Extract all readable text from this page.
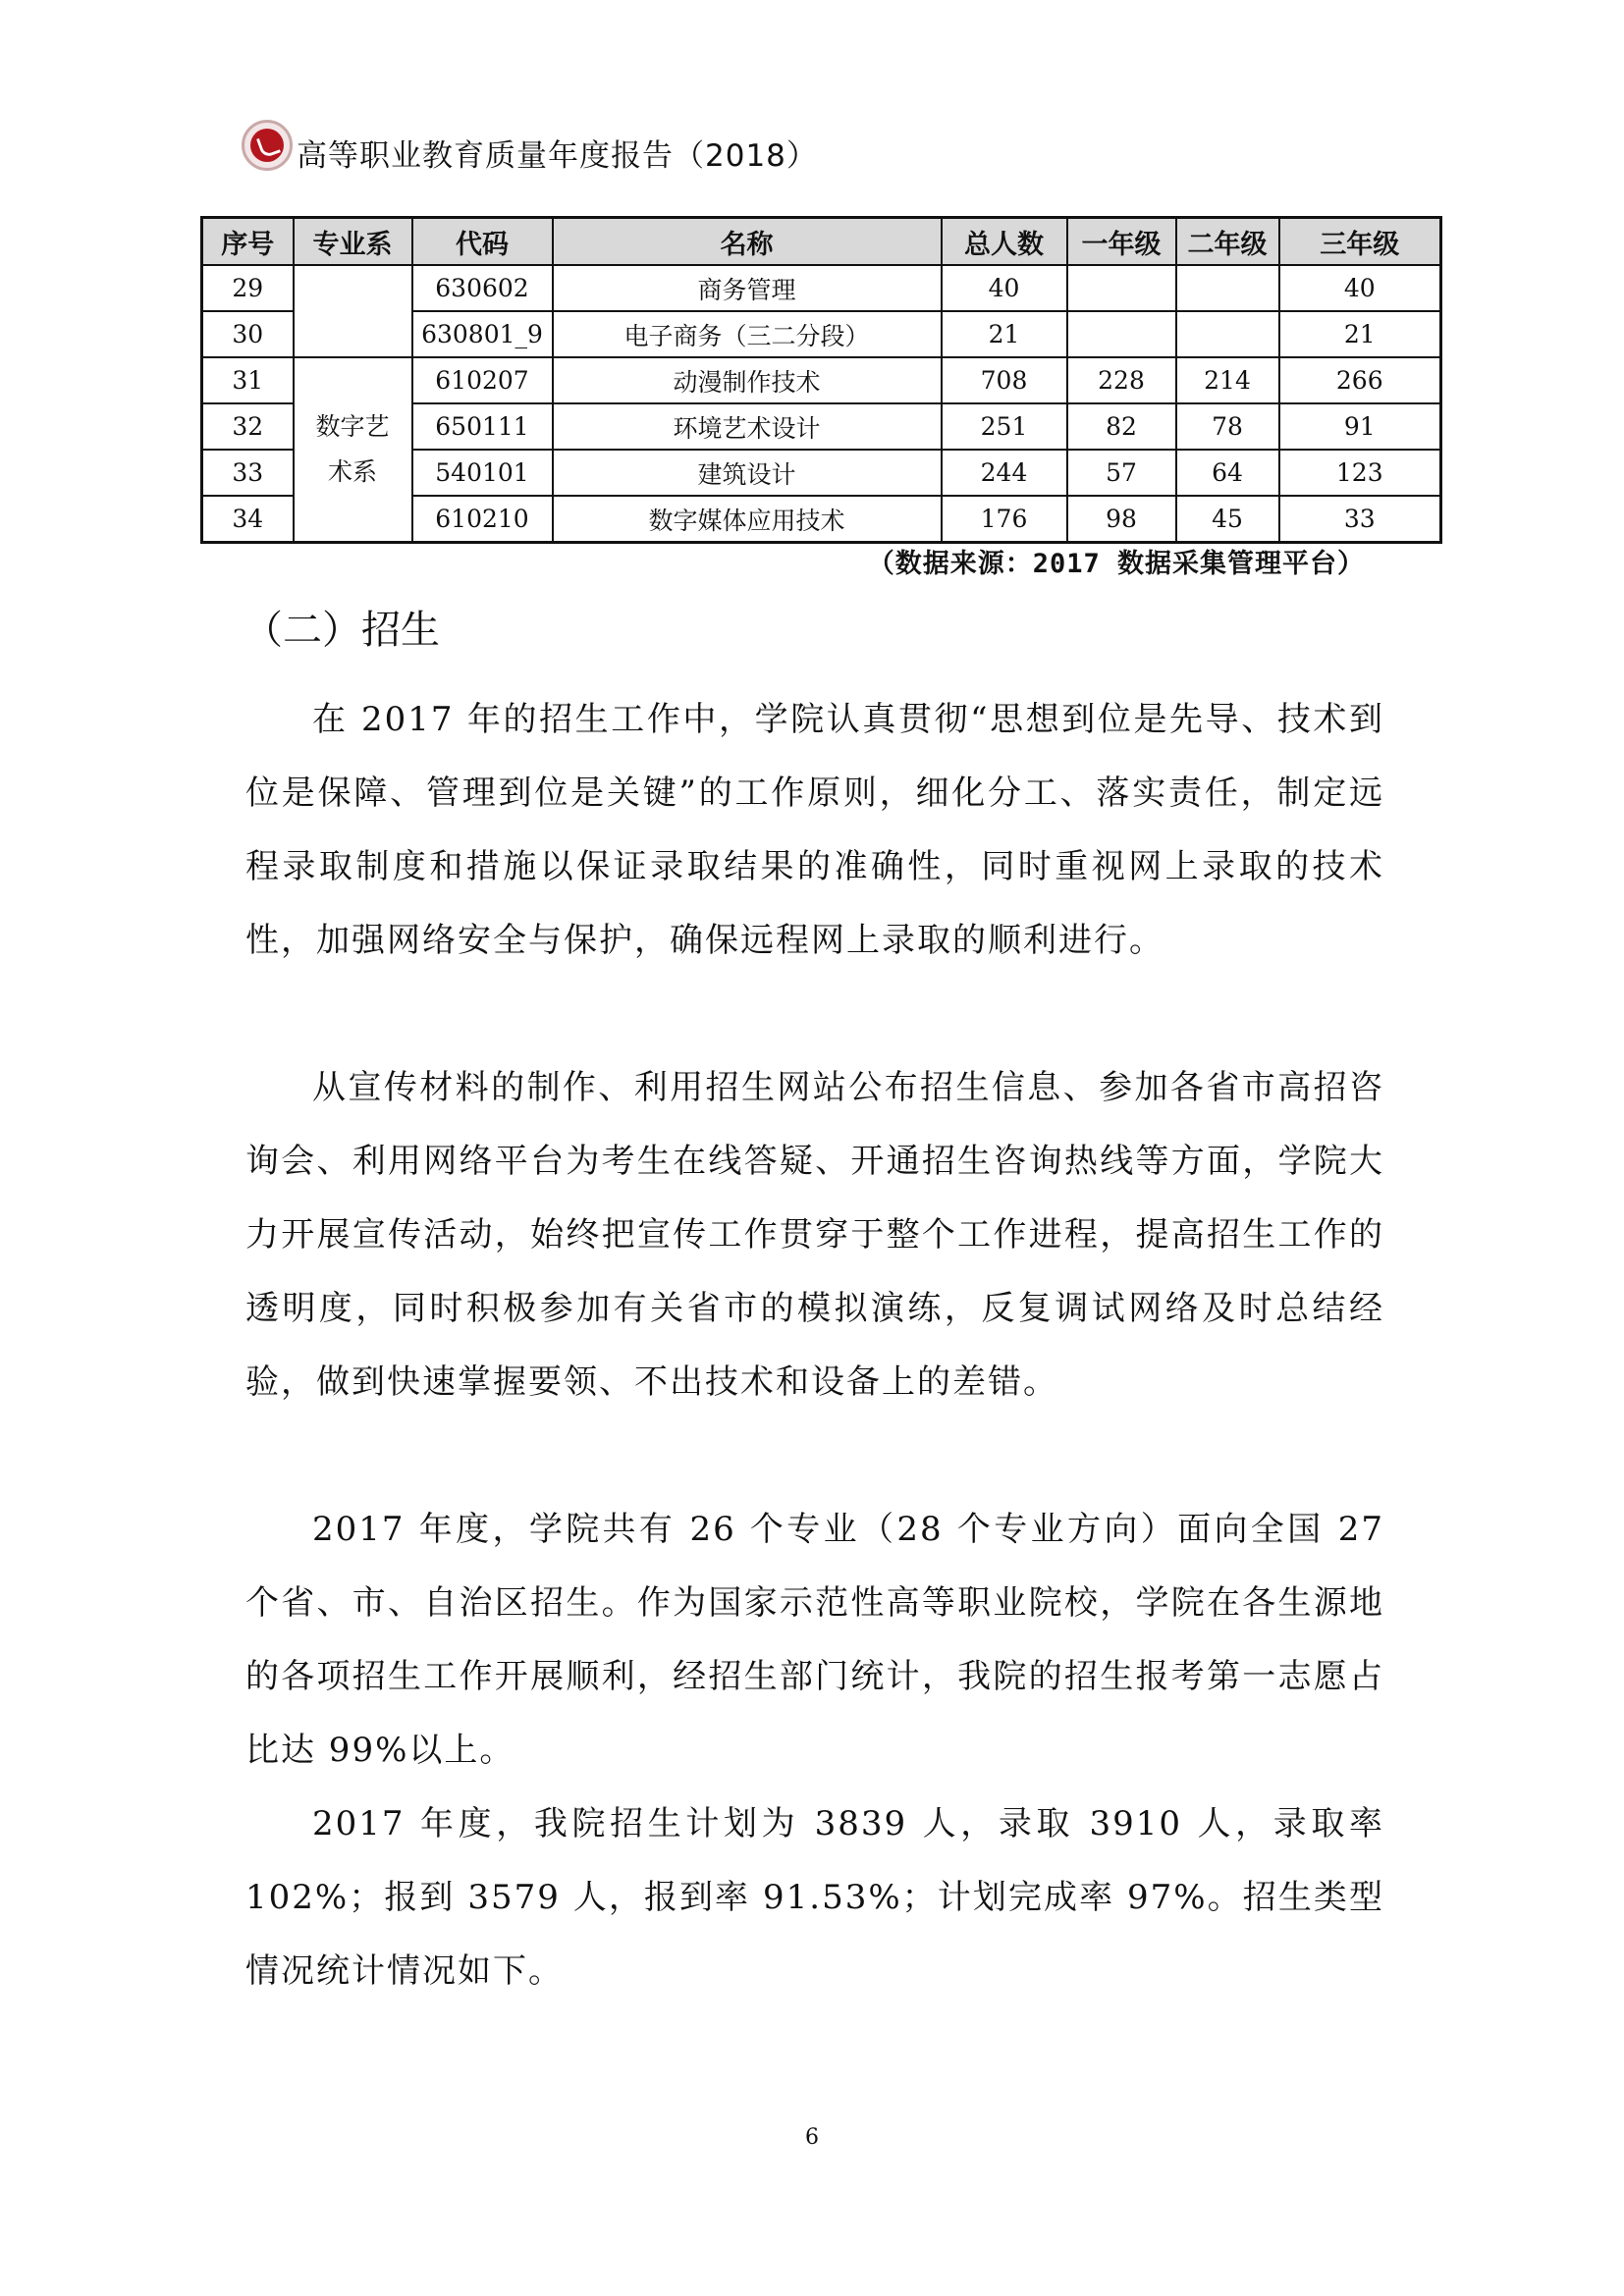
高等职业教育质量年度报告（2018）
序号	专业系	代码	名称	总人数	一年级	二年级	三年级
29		630602	商务管理	40			40
30		630801_9	电子商务（三二分段）	21			21
31	数字艺术系	610207	动漫制作技术	708	228	214	266
32		650111	环境艺术设计	251	82	78	91
33		540101	建筑设计	244	57	64	123
34		610210	数字媒体应用技术	176	98	45	33
（数据来源：2017 数据采集管理平台）
（二）招生

在 2017 年的招生工作中，学院认真贯彻“思想到位是先导、技术到位是保障、管理到位是关键”的工作原则，细化分工、落实责任，制定远程录取制度和措施以保证录取结果的准确性，同时重视网上录取的技术性，加强网络安全与保护，确保远程网上录取的顺利进行。

从宣传材料的制作、利用招生网站公布招生信息、参加各省市高招咨询会、利用网络平台为考生在线答疑、开通招生咨询热线等方面，学院大力开展宣传活动，始终把宣传工作贯穿于整个工作进程，提高招生工作的透明度，同时积极参加有关省市的模拟演练，反复调试网络及时总结经验，做到快速掌握要领、不出技术和设备上的差错。

2017 年度，学院共有 26 个专业（28 个专业方向）面向全国 27 个省、市、自治区招生。作为国家示范性高等职业院校，学院在各生源地的各项招生工作开展顺利，经招生部门统计，我院的招生报考第一志愿占比达 99%以上。

2017 年度，我院招生计划为 3839 人，录取 3910 人，录取率 102%；报到 3579 人，报到率 91.53%；计划完成率 97%。招生类型情况统计情况如下。

6
